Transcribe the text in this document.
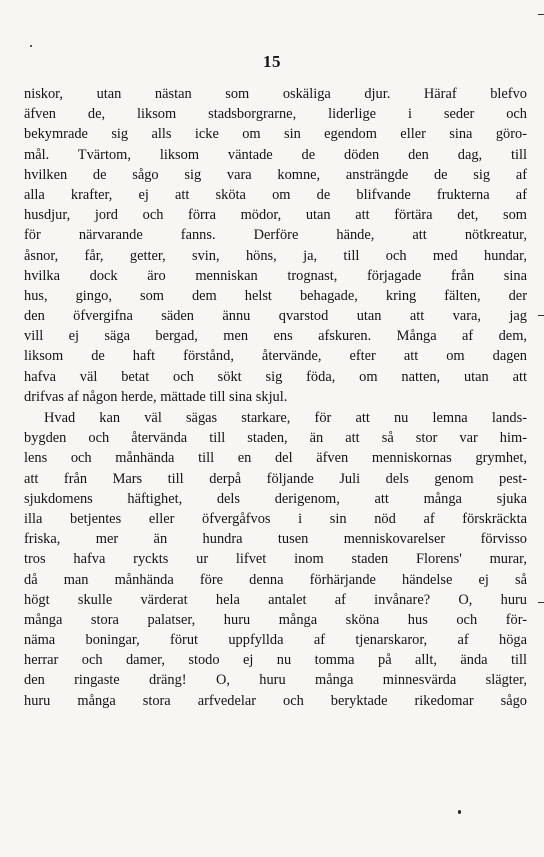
15
niskor, utan nästan som oskäliga djur. Häraf blefvo
äfven de, liksom stadsborgrarne, liderlige i seder och
bekymrade sig alls icke om sin egendom eller sina göro-
mål. Tvärtom, liksom väntade de döden den dag, till
hvilken de sågo sig vara komne, ansträngde de sig af
alla krafter, ej att sköta om de blifvande frukterna af
husdjur, jord och förra mödor, utan att förtära det, som
för närvarande fanns. Derföre hände, att nötkreatur,
åsnor, får, getter, svin, höns, ja, till och med hundar,
hvilka dock äro menniskan trognast, förjagade från sina
hus, gingo, som dem helst behagade, kring fälten, der
den öfvergifna säden ännu qvarstod utan att vara, jag
vill ej säga bergad, men ens afskuren. Många af dem,
liksom de haft förstånd, återvände, efter att om dagen
hafva väl betat och sökt sig föda, om natten, utan att
drifvas af någon herde, mättade till sina skjul.
Hvad kan väl sägas starkare, för att nu lemna lands-
bygden och återvända till staden, än att så stor var him-
lens och månhända till en del äfven menniskornas grymhet,
att från Mars till derpå följande Juli dels genom pest-
sjukdomens häftighet, dels derigenom, att många sjuka
illa betjentes eller öfvergåfvos i sin nöd af förskräckta
friska, mer än hundra tusen menniskovarelser förvisso
tros hafva ryckts ur lifvet inom staden Florens' murar,
då man månhända före denna förhärjande händelse ej så
högt skulle värderat hela antalet af invånare? O, huru
många stora palatser, huru många sköna hus och för-
näma boningar, förut uppfyllda af tjenarskaror, af höga
herrar och damer, stodo ej nu tomma på allt, ända till
den ringaste dräng! O, huru många minnesvärda slägter,
huru många stora arfvedelar och beryktade rikedomar sågo
